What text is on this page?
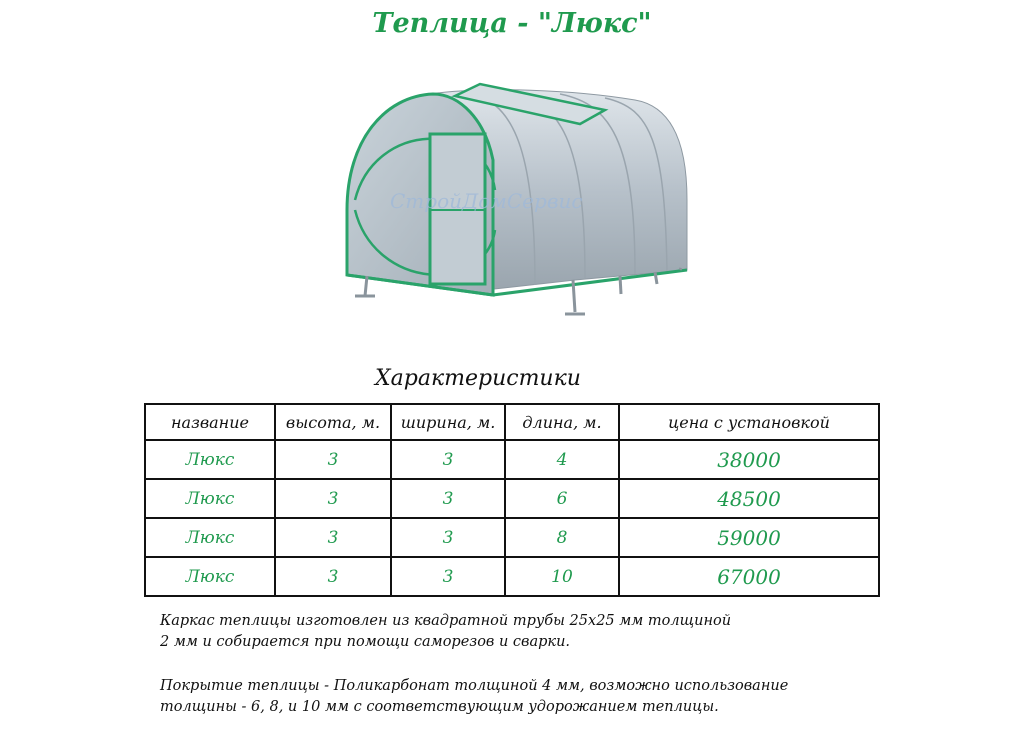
Теплица - "Люкс"
СтройДомСервис
Характеристики
название	высота, м.	ширина, м.	длина, м.	цена с установкой
Люкс	3	3	4	38000
Люкс	3	3	6	48500
Люкс	3	3	8	59000
Люкс	3	3	10	67000

Каркас теплицы изготовлен из квадратной трубы 25х25 мм толщиной
2 мм и собирается при помощи саморезов и сварки.

Покрытие теплицы - Поликарбонат толщиной 4 мм, возможно использование
толщины - 6, 8, и 10 мм с соответствующим удорожанием теплицы.
